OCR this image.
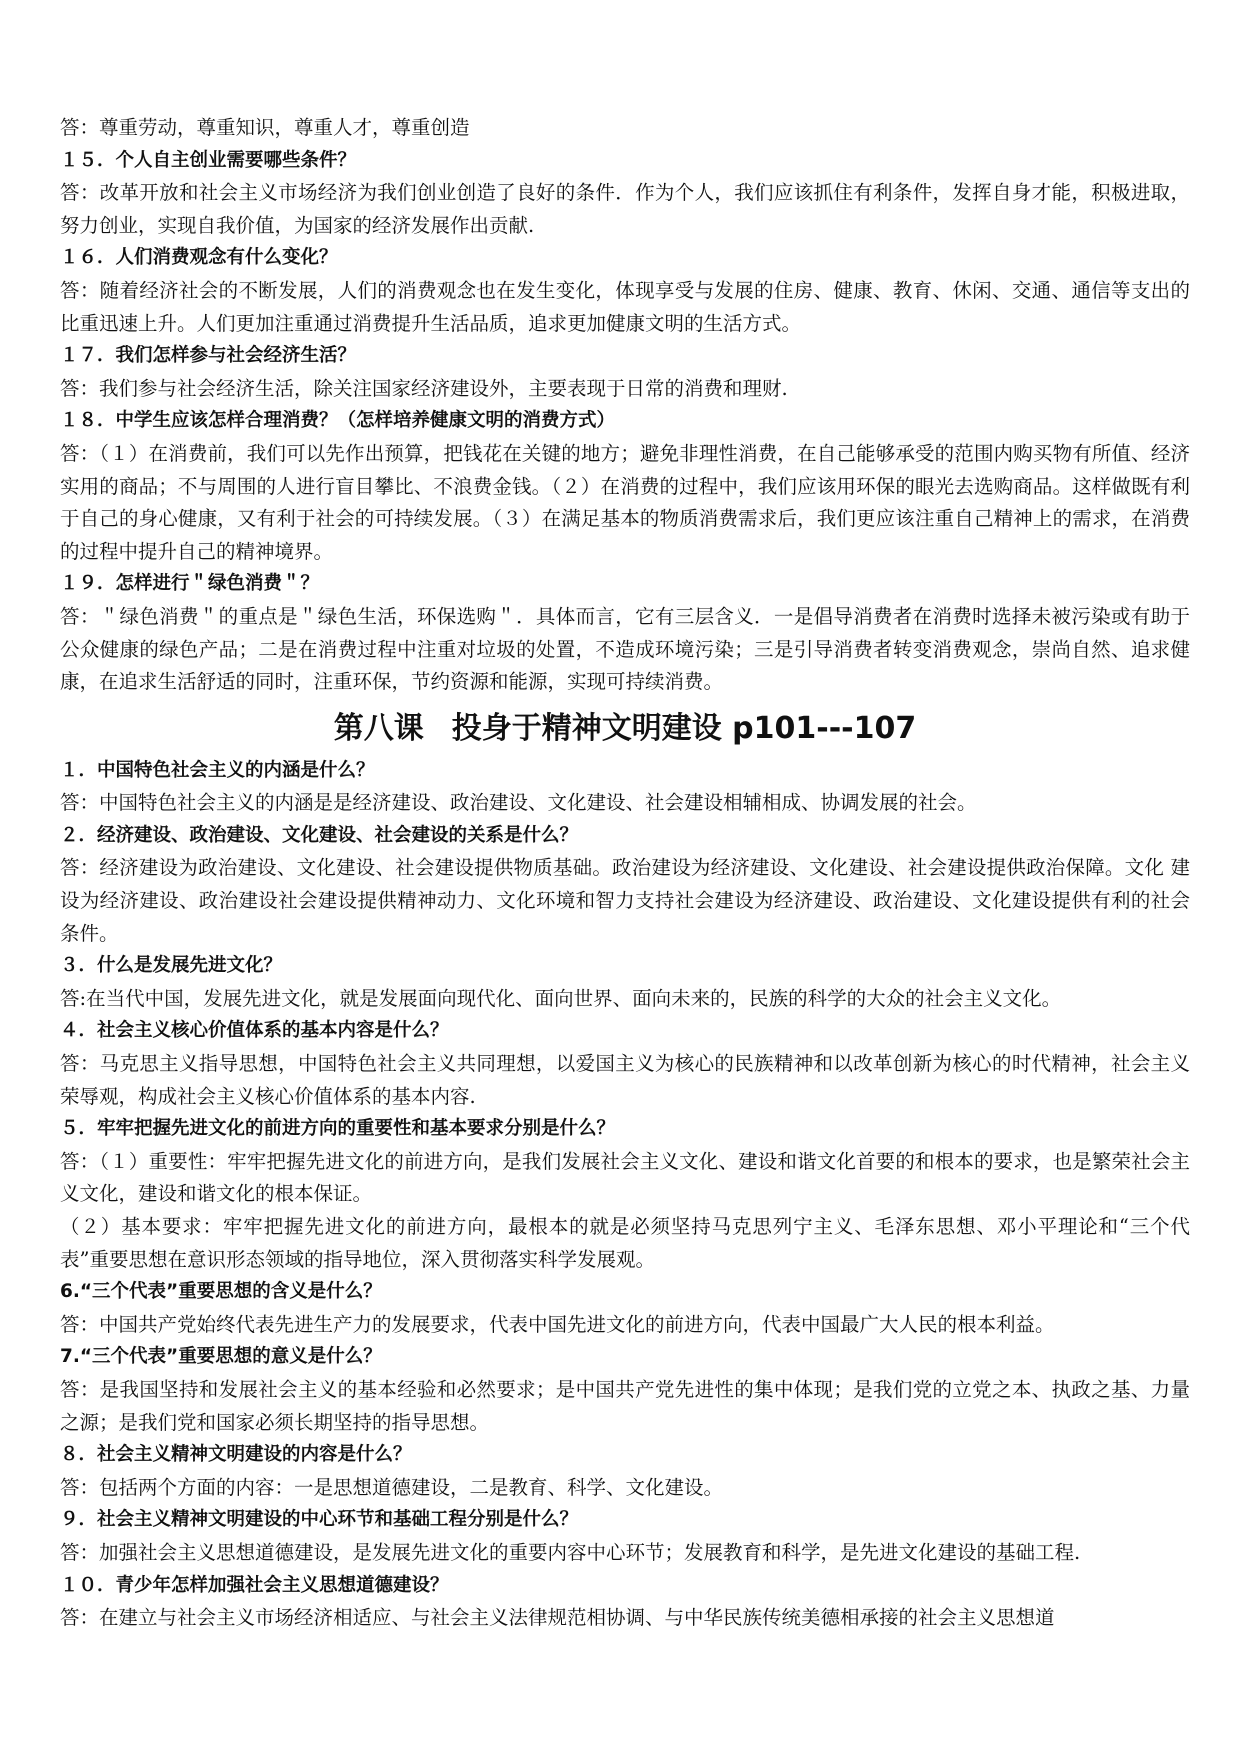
答：尊重劳动，尊重知识，尊重人才，尊重创造
１５．个人自主创业需要哪些条件？

答：改革开放和社会主义市场经济为我们创业创造了良好的条件．作为个人，我们应该抓住有利条件，发挥自身才能，积极进取，努力创业，实现自我价值，为国家的经济发展作出贡献.

１６．人们消费观念有什么变化？

答：随着经济社会的不断发展，人们的消费观念也在发生变化，体现享受与发展的住房、健康、教育、休闲、交通、通信等支出的比重迅速上升。人们更加注重通过消费提升生活品质，追求更加健康文明的生活方式。

１７．我们怎样参与社会经济生活？

答：我们参与社会经济生活，除关注国家经济建设外，主要表现于日常的消费和理财.

１８．中学生应该怎样合理消费？（怎样培养健康文明的消费方式）

答：（１）在消费前，我们可以先作出预算，把钱花在关键的地方；避免非理性消费，在自己能够承受的范围内购买物有所值、经济实用的商品；不与周围的人进行盲目攀比、不浪费金钱。（２）在消费的过程中，我们应该用环保的眼光去选购商品。这样做既有利于自己的身心健康，又有利于社会的可持续发展。（３）在满足基本的物质消费需求后，我们更应该注重自己精神上的需求，在消费的过程中提升自己的精神境界。

１９．怎样进行＂绿色消费＂？

答：＂绿色消费＂的重点是＂绿色生活，环保选购＂．具体而言，它有三层含义．一是倡导消费者在消费时选择未被污染或有助于公众健康的绿色产品；二是在消费过程中注重对垃圾的处置，不造成环境污染；三是引导消费者转变消费观念，崇尚自然、追求健康，在追求生活舒适的同时，注重环保，节约资源和能源，实现可持续消费。

第八课 投身于精神文明建设 p101---107
１．中国特色社会主义的内涵是什么？

答：中国特色社会主义的内涵是是经济建设、政治建设、文化建设、社会建设相辅相成、协调发展的社会。

２．经济建设、政治建设、文化建设、社会建设的关系是什么？

答：经济建设为政治建设、文化建设、社会建设提供物质基础。政治建设为经济建设、文化建设、社会建设提供政治保障。文化 建设为经济建设、政治建设社会建设提供精神动力、文化环境和智力支持社会建设为经济建设、政治建设、文化建设提供有利的社会条件。

３．什么是发展先进文化？

答:在当代中国，发展先进文化，就是发展面向现代化、面向世界、面向未来的，民族的科学的大众的社会主义文化。

４．社会主义核心价值体系的基本内容是什么？

答：马克思主义指导思想，中国特色社会主义共同理想，以爱国主义为核心的民族精神和以改革创新为核心的时代精神，社会主义荣辱观，构成社会主义核心价值体系的基本内容.

５．牢牢把握先进文化的前进方向的重要性和基本要求分别是什么？

答：（１）重要性：牢牢把握先进文化的前进方向，是我们发展社会主义文化、建设和谐文化首要的和根本的要求，也是繁荣社会主义文化，建设和谐文化的根本保证。

（２）基本要求：牢牢把握先进文化的前进方向，最根本的就是必须坚持马克思列宁主义、毛泽东思想、邓小平理论和“三个代表”重要思想在意识形态领域的指导地位，深入贯彻落实科学发展观。

6.“三个代表”重要思想的含义是什么？

答：中国共产党始终代表先进生产力的发展要求，代表中国先进文化的前进方向，代表中国最广大人民的根本利益。

7.“三个代表”重要思想的意义是什么？

答：是我国坚持和发展社会主义的基本经验和必然要求；是中国共产党先进性的集中体现；是我们党的立党之本、执政之基、力量之源；是我们党和国家必须长期坚持的指导思想。

８．社会主义精神文明建设的内容是什么？

答：包括两个方面的内容：一是思想道德建设，二是教育、科学、文化建设。

９．社会主义精神文明建设的中心环节和基础工程分别是什么？

答：加强社会主义思想道德建设，是发展先进文化的重要内容中心环节；发展教育和科学，是先进文化建设的基础工程.

１０．青少年怎样加强社会主义思想道德建设？

答：在建立与社会主义市场经济相适应、与社会主义法律规范相协调、与中华民族传统美德相承接的社会主义思想道
